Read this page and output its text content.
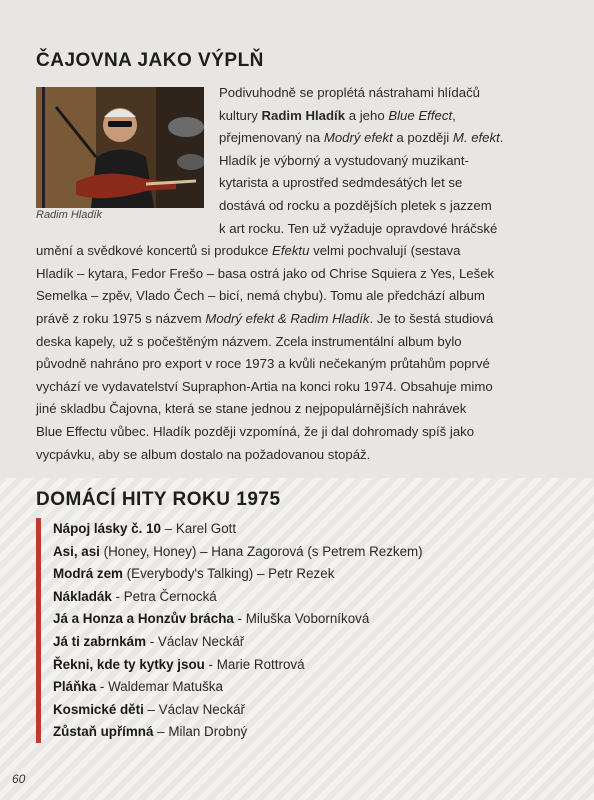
ČAJOVNA JAKO VÝPLŇ
Radim Hladík
Podivuhodně se proplétá nástrahami hlídačů
kultury Radim Hladík a jeho Blue Effect,
přejmenovaný na Modrý efekt a později M. efekt.
Hladík je výborný a vystudovaný muzikant-
kytarista a uprostřed sedmdesátých let se
dostává od rocku a pozdějších pletek s jazzem
k art rocku. Ten už vyžaduje opravdové hráčské
umění a svědkové koncertů si produkce Efektu velmi pochvalují (sestava
Hladík – kytara, Fedor Frešo – basa ostrá jako od Chrise Squiera z Yes, Lešek
Semelka – zpěv, Vlado Čech – bicí, nemá chybu). Tomu ale předchází album
právě z roku 1975 s názvem Modrý efekt & Radim Hladík. Je to šestá studiová
deska kapely, už s počeštěným názvem. Zcela instrumentální album bylo
původně nahráno pro export v roce 1973 a kvůli nečekaným průtahům poprvé
vychází ve vydavatelství Supraphon-Artia na konci roku 1974. Obsahuje mimo
jiné skladbu Čajovna, která se stane jednou z nejpopulárnějších nahrávek
Blue Effectu vůbec. Hladík později vzpomíná, že ji dal dohromady spíš jako
vycpávku, aby se album dostalo na požadovanou stopáž.
DOMÁCÍ HITY ROKU 1975
Nápoj lásky č. 10 – Karel Gott
Asi, asi (Honey, Honey) – Hana Zagorová (s Petrem Rezkem)
Modrá zem (Everybody's Talking) – Petr Rezek
Nákladák - Petra Černocká
Já a Honza a Honzův brácha - Miluška Voborníková
Já ti zabrnkám - Václav Neckář
Řekni, kde ty kytky jsou - Marie Rottrová
Pláňka - Waldemar Matuška
Kosmické děti – Václav Neckář
Zůstaň upřímná – Milan Drobný
60
